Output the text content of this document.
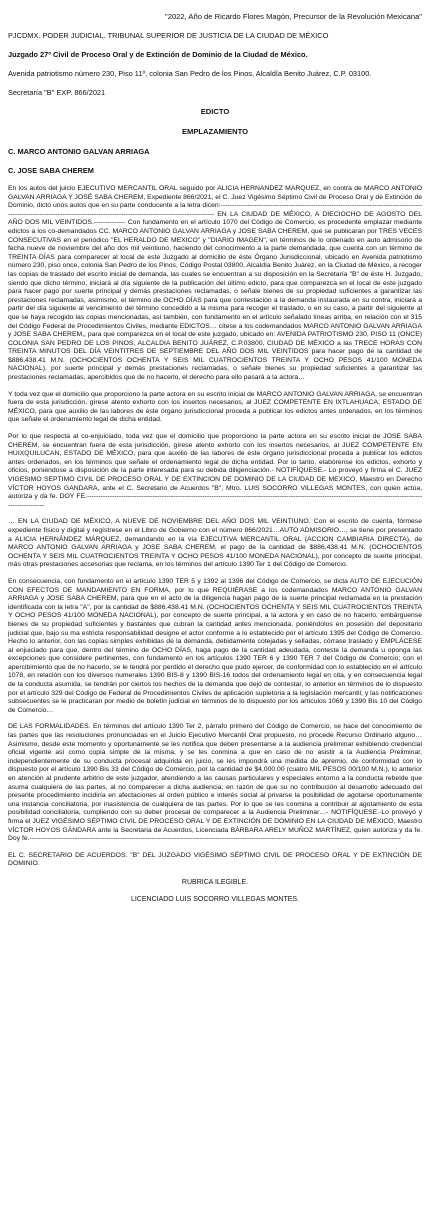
"2022, Año de Ricardo Flores Magón, Precursor de la Revolución Mexicana"
PJCDMX. PODER JUDICIAL. TRIBUNAL SUPERIOR DE JUSTICIA DE LA CIUDAD DE MÉXICO
Juzgado 27º Civil de Proceso Oral y de Extinción de Dominio de la Ciudad de México.
Avenida patriotismo número 230, Piso 11º, colonia San Pedro de los Pinos, Alcaldía Benito Juárez, C.P. 03100.
Secretaría "B" EXP. 866/2021
EDICTO
EMPLAZAMIENTO
C. MARCO ANTONIO GALVAN ARRIAGA
C. JOSE SABA CHEREM

En los autos del juicio EJECUTIVO MERCANTIL ORAL seguido por ALICIA HERNANDEZ MARQUEZ, en contra de MARCO ANTONIO GALVAN ARRIAGA Y JOSÉ SABA CHEREM, Expediente 866/2021, el C. Juez Vigésimo Séptimo Civil de Proceso Oral y de Extinción de Dominio, dictó unos autos que en su parte conducente a la letra dicen:------------------------------------------------------------------------------------------------------------------------------------------------------------------------------------ EN LA CIUDAD DE MÉXICO, A DIECIOCHO DE AGOSTO DEL AÑO DOS MIL VEINTIDOS.-------------- Con fundamento en el artículo 1070 del Código de Comercio, es procedente emplazar mediante edictos a los co-demandados CC. MARCO ANTONIO GALVAN ARRIAGA y JOSE SABA CHEREM, que se publicaran por TRES VECES CONSECUTIVAS en el periódico "EL HERALDO DE MEXICO" y "DIARIO IMAGEN", en términos de lo ordenado en auto admisorio de fecha nueve de noviembre del año dos mil veintiuno, haciendo del conocimiento a la parte demandada, que cuenta con un término de TREINTA DÍAS para comparecer al local de este Juzgado al domicilio de éste Órgano Jurisdiccional, ubicado en Avenida patriotismo número 230, piso once, colonia San Pedro de los Pinos, Código Postal 03800, Alcaldía Benito Juárez, en la Ciudad de México, a recoger las copias de traslado del escrito inicial de demanda, las cuales se encuentran a su disposición en la Secretaría "B" de éste H. Juzgado, siendo que dicho término, iniciará al día siguiente de la publicación del último edicto, para que comparezca en el local de este juzgado para hacer pago por suerte principal y demás prestaciones reclamadas, o señale bienes de su propiedad suficientes a garantizar las prestaciones reclamadas, asimismo, el término de OCHO DÍAS para que contestación a la demanda instaurada en su contra, iniciará a partir del día siguiente al vencimiento del término concedido a la misma para recoger el traslado, o en su caso, a partir del siguiente al que se haya recogido las copias mencionadas, así también, con fundamento en el artículo señalado líneas arriba, en relación con el 315 del Código Federal de Procedimientos Civiles, mediante EDICTOS… cítese a los codemandados MARCO ANTONIO GALVAN ARRIAGA y JOSE SABA CHEREM,, para que comparezca en el local de este juzgado, ubicado en: AVENIDA PATRIOTISMO 230, PISO 11 (ONCE) COLONIA SAN PEDRO DE LOS PINOS, ALCALDIA BENITO JUÁREZ, C.P.03800, CIUDAD DE MÉXICO a las TRECE HORAS CON TREINTA MINUTOS DEL DÍA VEINTITRES DE SEPTIEMBRE DEL AÑO DOS MIL VEINTIDOS para hacer pago de la cantidad de $886,438.41 M.N. (OCHOCIENTOS OCHENTA Y SEIS MIL CUATROCIENTOS TREINTA Y OCHO PESOS 41/100 MONEDA NACIONAL), por suerte principal y demás prestaciones reclamadas, o señale bienes su propiedad suficientes a garantizar las prestaciones reclamadas, apercibidos que de no hacerlo, el derecho para ello pasará a la actora…

Y toda vez que el domicilio que proporciono la parte actora en su escrito inicial de MARCO ANTONIO GALVAN ARRIAGA, se encuentran fuera de esta jurisdicción, gírese atento exhorto con los insertos necesarios, al JUEZ COMPETENTE EN IXTLAHUACA, ESTADO DE MÉXICO, para que auxilio de las labores de éste órgano jurisdiccional proceda a publicar los edictos antes ordenados, en los términos que señale el ordenamiento legal de dicha entidad.

Por lo que respecta al co-enjuiciado, toda vez que el domicilio que proporciono la parte actora en su escrito inicial de JOSE SABA CHEREM, se encuentran fuera de esta jurisdicción, gírese atento exhorto con los insertos necesarios, al JUEZ COMPETENTE EN HUIXQUILUCAN, ESTADO DE MÉXICO, para que auxilio de las labores de éste órgano jurisdiccional proceda a publicar los edictos antes ordenados, en los términos que señale el ordenamiento legal de dicha entidad. Por lo tanto, elabórense los edictos, exhorto y oficios, poniéndose a disposición de la parte interesada para su debida diligenciación.- NOTIFÍQUESE.- Lo proveyó y firma el C. JUEZ VIGESIMO SEPTIMO CIVIL DE PROCESO ORAL Y DE EXTINCION DE DOMINIO DE LA CIUDAD DE MEXICO, Maestro en Derecho VÍCTOR HOYOS GANDARA, ante el C. Secretario de Acuerdos "B", Mtro. LUIS SOCORRO VILLEGAS MONTES, con quien actúa, autoriza y da fe. DOY FE.--------------------------------------------------------------------------------------------------------------------------------------------------------------------

… EN LA CIUDAD DE MÉXICO, A NUEVE DE NOVIEMBRE DEL AÑO DOS MIL VEINTIUNO. Con el escrito de cuenta, fórmese expediente físico y digital y regístrese en el Libro de Gobierno con el número 866/2021…AUTO ADMISORIO…, se tiene por presentado a ALICIA HERNÁNDEZ MÁRQUEZ, demandando en la vía EJECUTIVA MERCANTIL ORAL (ACCION CAMBIARIA DIRECTA), de MARCO ANTONIO GALVAN ARRIAGA y JOSE SABA CHEREM, el pago de la cantidad de $886,438.41 M.N. (OCHOCIENTOS OCHENTA Y SEIS MIL CUATROCIENTOS TREINTA Y OCHO PESOS 41/100 MONEDA NACIONAL), por concepto de suerte principal, más otras prestaciones accesorias que reclama, en los términos del artículo 1390 Ter 1 del Código de Comercio.

En consecuencia, con fundamento en el artículo 1390 TER 5 y 1392 al 1396 del Código de Comercio, se dicta AUTO DE EJECUCIÓN CON EFECTOS DE MANDAMIENTO EN FORMA, por lo que REQUIÉRASE a los codemandados MARCO ANTONIO GALVAN ARRIAGA y JOSE SABA CHEREM, para que en el acto de la diligencia hagan pago de la suerte principal reclamada en la prestación identificada con la letra "A", por la cantidad de $886,438.41 M.N. (OCHOCIENTOS OCHENTA Y SEIS MIL CUATROCIENTOS TREINTA Y OCHO PESOS 41/100 MONEDA NACIONAL), por concepto de suerte principal, a la actora y en caso de no hacerlo, embárguense bienes de su propiedad suficientes y bastantes que cubran la cantidad antes mencionada, poniéndolos en posesión del depositario judicial que, bajo su ma estricta responsabilidad designe el actor conforme a lo establecido por el artículo 1395 del Código de Comercio. Hecho lo anterior, con las copias simples exhibidas de la demanda, debidamente cotejadas y selladas, córrase traslado y EMPLÁCESE al enjuiciado para que, dentro del término de OCHO DÍAS, haga pago de la cantidad adeudada, conteste la demanda u oponga las excepciones que considere pertinentes, con fundamento en los artículos 1390 TER 6 y 1390 TER 7 del Código de Comercio; con el apercibimiento que de no hacerlo, se le tendrá por perdido el derecho que pudo ejercer, de conformidad con lo establecido en el artículo 1078, en relación con los diversos numerales 1390 BIS-8 y 1390 BIS-16 todos del ordenamiento legal en cita, y en consecuencia legal de la conducta asumida, se tendrán por ciertos los hechos de la demanda que dejó de contestar, lo anterior en términos de lo dispuesto por el artículo 329 del Código de Federal de Procedimientos Civiles de aplicación supletoria a la legislación mercantil, y las notificaciones subsecuentes se le practicaran por medio de boletín judicial en términos de lo dispuesto por los artículos 1069 y 1390 Bis 10 del Código de Comercio…

DE LAS FORMALIDADES. En términos del artículo 1390 Ter 2, párrafo primero del Código de Comercio, se hace del conocimiento de las partes que las resoluciones pronunciadas en el Juicio Ejecutivo Mercantil Oral propuesto, no procede Recurso Ordinario alguno… Asimismo, desde este momento y oportunamente se les notifica que deben presentarse a la audiencia preliminar exhibiendo credencial oficial vigente así como copia simple de la misma, y se les conmina a que en caso de no asistir a la Audiencia Preliminar, independientemente de su conducta procesal adquirida en juicio, se les impondrá una medida de apremio, de conformidad con lo dispuesto por el artículo 1390 Bis 33 del Código de Comercio, por la cantidad de $4,000.00 (cuatro MIL PESOS 00/100 M.N.), lo anterior en atención al prudente arbitrio de este juzgador, atendiendo a las causas particulares y especiales entorno a la conducta rebelde que asuma cualquiera de las partes, al no comparecer a dicha audiencia; en razón de que su no contribución al desarrollo adecuado del presente procedimiento incidiría en afectaciones al orden público e interés social al privarse la posibilidad de agotarse oportunamente una instancia conciliatoria, por inasistencia de cualquiera de las partes. Por lo que se les conmina a contribuir al agotamiento de esta posibilidad conciliatoria, cumpliendo con su deber procesal de comparecer a la Audiencia Preliminar…- NOTIFÍQUESE.-Lo proveyó y firma el JUEZ VIGÉSIMO SÉPTIMO CIVIL DE PROCESO ORAL Y DE EXTINCIÓN DE DOMINIO EN LA CIUDAD DE MÉXICO, Maestro VÍCTOR HOYOS GÁNDARA ante la Secretaria de Acuerdos, Licenciada BÁRBARA ARELY MUÑOZ MARTÍNEZ, quien autoriza y da fe. Doy fe.--------------------------------------------------------------------------------------------------------------------------------------------------------------------

EL C. SECRETARIO DE ACUERDOS. "B" DEL JUZGADO VIGÉSIMO SÉPTIMO CIVIL DE PROCESO ORAL Y DE EXTINCIÓN DE DOMINIO.

RUBRICA ILEGIBLE.
LICENCIADO LUIS SOCORRO VILLEGAS MONTES.
